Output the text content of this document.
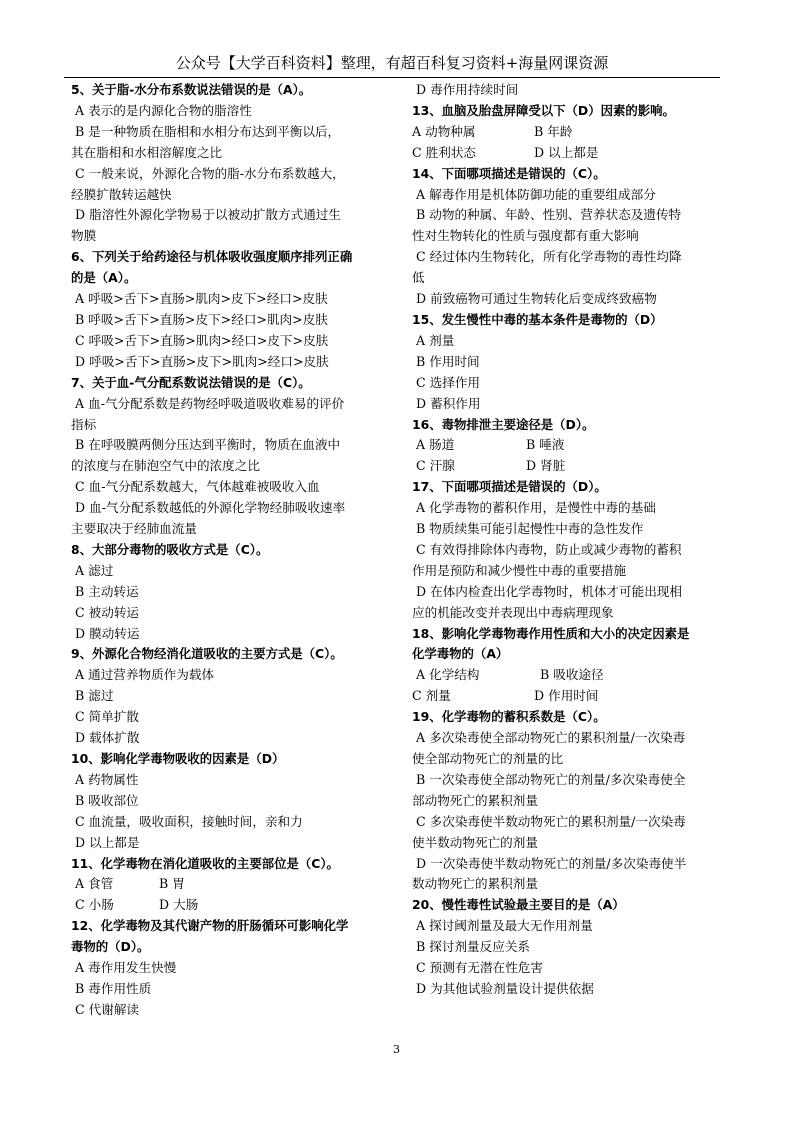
公众号【大学百科资料】整理，有超百科复习资料+海量网课资源
5、关于脂-水分布系数说法错误的是（A）。
A 表示的是内源化合物的脂溶性
B 是一种物质在脂相和水相分布达到平衡以后，
其在脂相和水相溶解度之比
C 一般来说，外源化合物的脂-水分布系数越大，
经膜扩散转运越快
D 脂溶性外源化学物易于以被动扩散方式通过生
物膜
6、下列关于给药途径与机体吸收强度顺序排列正确
的是（A）。
A 呼吸>舌下>直肠>肌肉>皮下>经口>皮肤
B 呼吸>舌下>直肠>皮下>经口>肌肉>皮肤
C 呼吸>舌下>直肠>肌肉>经口>皮下>皮肤
D 呼吸>舌下>直肠>皮下>肌肉>经口>皮肤
7、关于血-气分配系数说法错误的是（C）。
A 血-气分配系数是药物经呼吸道吸收难易的评价
指标
B 在呼吸膜两侧分压达到平衡时，物质在血液中
的浓度与在肺泡空气中的浓度之比
C 血-气分配系数越大，气体越难被吸收入血
D 血-气分配系数越低的外源化学物经肺吸收速率
主要取决于经肺血流量
8、大部分毒物的吸收方式是（C）。
A 滤过
B 主动转运
C 被动转运
D 膜动转运
9、外源化合物经消化道吸收的主要方式是（C）。
A 通过营养物质作为载体
B 滤过
C 简单扩散
D 载体扩散
10、影响化学毒物吸收的因素是（D）
A 药物属性
B 吸收部位
C 血流量，吸收面积，接触时间，亲和力
D 以上都是
11、化学毒物在消化道吸收的主要部位是（C）。
A 食管	B 胃
C 小肠	D 大肠
12、化学毒物及其代谢产物的肝肠循环可影响化学
毒物的（D）。
A 毒作用发生快慢
B 毒作用性质
C 代谢解读
D 毒作用持续时间
13、血脑及胎盘屏障受以下（D）因素的影响。
A 动物种属	B 年龄
C 胜利状态	D 以上都是
14、下面哪项描述是错误的（C）。
A 解毒作用是机体防御功能的重要组成部分
B 动物的种属、年龄、性别、营养状态及遗传特
性对生物转化的性质与强度都有重大影响
C 经过体内生物转化，所有化学毒物的毒性均降
低
D 前致癌物可通过生物转化后变成终致癌物
15、发生慢性中毒的基本条件是毒物的（D）
A 剂量
B 作用时间
C 选择作用
D 蓄积作用
16、毒物排泄主要途径是（D）。
A 肠道	B 唾液
C 汗腺	D 肾脏
17、下面哪项描述是错误的（D）。
A 化学毒物的蓄积作用，是慢性中毒的基础
B 物质续集可能引起慢性中毒的急性发作
C 有效得排除体内毒物，防止或减少毒物的蓄积
作用是预防和减少慢性中毒的重要措施
D 在体内检查出化学毒物时，机体才可能出现相
应的机能改变并表现出中毒病理现象
18、影响化学毒物毒作用性质和大小的决定因素是
化学毒物的（A）
A 化学结构	B 吸收途径
C 剂量	D 作用时间
19、化学毒物的蓄积系数是（C）。
A 多次染毒使全部动物死亡的累积剂量/一次染毒
使全部动物死亡的剂量的比
B 一次染毒使全部动物死亡的剂量/多次染毒使全
部动物死亡的累积剂量
C 多次染毒使半数动物死亡的累积剂量/一次染毒
使半数动物死亡的剂量
D 一次染毒使半数动物死亡的剂量/多次染毒使半
数动物死亡的累积剂量
20、慢性毒性试验最主要目的是（A）
A 探讨阈剂量及最大无作用剂量
B 探讨剂量反应关系
C 预测有无潜在性危害
D 为其他试验剂量设计提供依据
3
